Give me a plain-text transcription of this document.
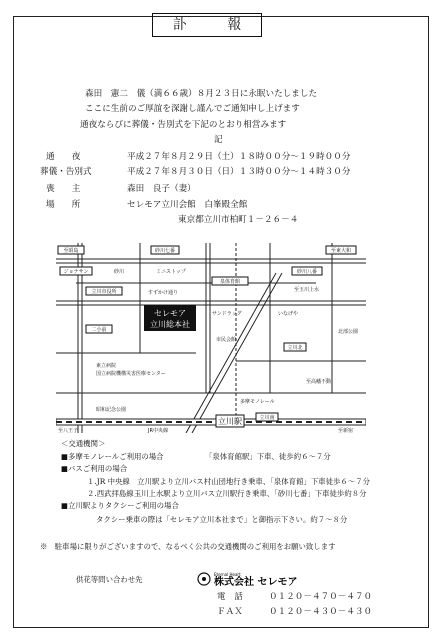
訃 報
森田　憲二　儀（満６６歳）８月２３日に永眠いたしました
ここに生前のご厚誼を深謝し謹んでご通知申し上げます
通夜ならびに葬儀・告別式を下記のとおり相営みます
記
通　　夜	平成２７年８月２９日（土）１８時００分～１９時００分
葬儀・告別式	平成２７年８月３０日（日）１３時００分～１４時３０分
喪　　主	森田　良子（妻）
場　　所	セレモア立川会館　白峯殿全館
東京都立川市柏町１－２６－４
セレモア
立川総本社
立川駅
至昭島	砂川七番	至東大和
ジョナサン	砂川八番
立川市役所
泉体育館
ミニストップ
すずかけ通り
サンドラッグ
二小前
東立病院
国立病院機構災害医療センター
昭和記念公園
立川北
立川南
至八王子	至新宿
JR中央線
多摩モノレール
市民会館
いなげや
北部公園
至玉川上水
砂川
至高幡不動
＜交通機関＞
■多摩モノレールご利用の場合	「泉体育館駅」下車、徒歩約６～７分
■バスご利用の場合
１.JR 中央線　立川駅より立川バス村山団地行き乗車、「泉体育館」下車徒歩６～７分
２.西武拝島線玉川上水駅より立川バス立川駅行き乗車、「砂川七番」下車徒歩約８分
■立川駅よりタクシーご利用の場合
タクシー乗車の際は「セレモア立川本社まで」と御指示下さい。約７～８分
※　駐車場に限りがございますので、なるべく公共の交通機関のご利用をお願い致します
供花等問い合わせ先
Eternal Heart
株式会社 セレモア
電　話	０１２０－４７０－４７０
ＦＡＸ	０１２０－４３０－４３０
